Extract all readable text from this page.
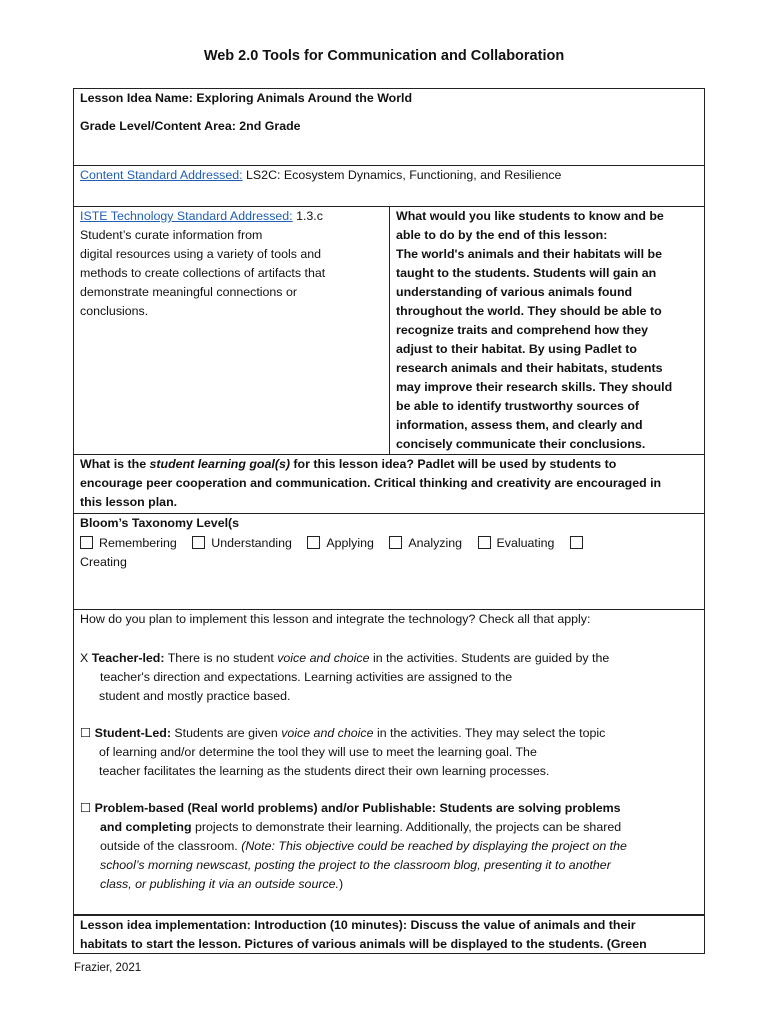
Web 2.0 Tools for Communication and Collaboration
Lesson Idea Name: Exploring Animals Around the World
Grade Level/Content Area: 2nd Grade
Content Standard Addressed: LS2C: Ecosystem Dynamics, Functioning, and Resilience

ISTE Technology Standard Addressed: 1.3.c

Student’s curate information from

digital resources using a variety of tools and

methods to create collections of artifacts that

demonstrate meaningful connections or

conclusions.

What would you like students to know and be

able to do by the end of this lesson:

The world's animals and their habitats will be

taught to the students. Students will gain an

understanding of various animals found

throughout the world. They should be able to

recognize traits and comprehend how they

adjust to their habitat. By using Padlet to

research animals and their habitats, students

may improve their research skills. They should

be able to identify trustworthy sources of

information, assess them, and clearly and

concisely communicate their conclusions.

What is the student learning goal(s) for this lesson idea? Padlet will be used by students to

encourage peer cooperation and communication. Critical thinking and creativity are encouraged in

this lesson plan.

Bloom’s Taxonomy Level(s

Remembering	Understanding	Applying	Analyzing	Evaluating

Creating

How do you plan to implement this lesson and integrate the technology? Check all that apply:

X Teacher-led: There is no student voice and choice in the activities. Students are guided by the

teacher's direction and expectations. Learning activities are assigned to the

student and mostly practice based.

☐ Student-Led: Students are given voice and choice in the activities. They may select the topic

of learning and/or determine the tool they will use to meet the learning goal. The

teacher facilitates the learning as the students direct their own learning processes.

☐ Problem-based (Real world problems) and/or Publishable: Students are solving problems

and completing projects to demonstrate their learning. Additionally, the projects can be shared

outside of the classroom. (Note: This objective could be reached by displaying the project on the

school’s morning newscast, posting the project to the classroom blog, presenting it to another

class, or publishing it via an outside source.)

Lesson idea implementation: Introduction (10 minutes): Discuss the value of animals and their

habitats to start the lesson. Pictures of various animals will be displayed to the students. (Green

Frazier, 2021
